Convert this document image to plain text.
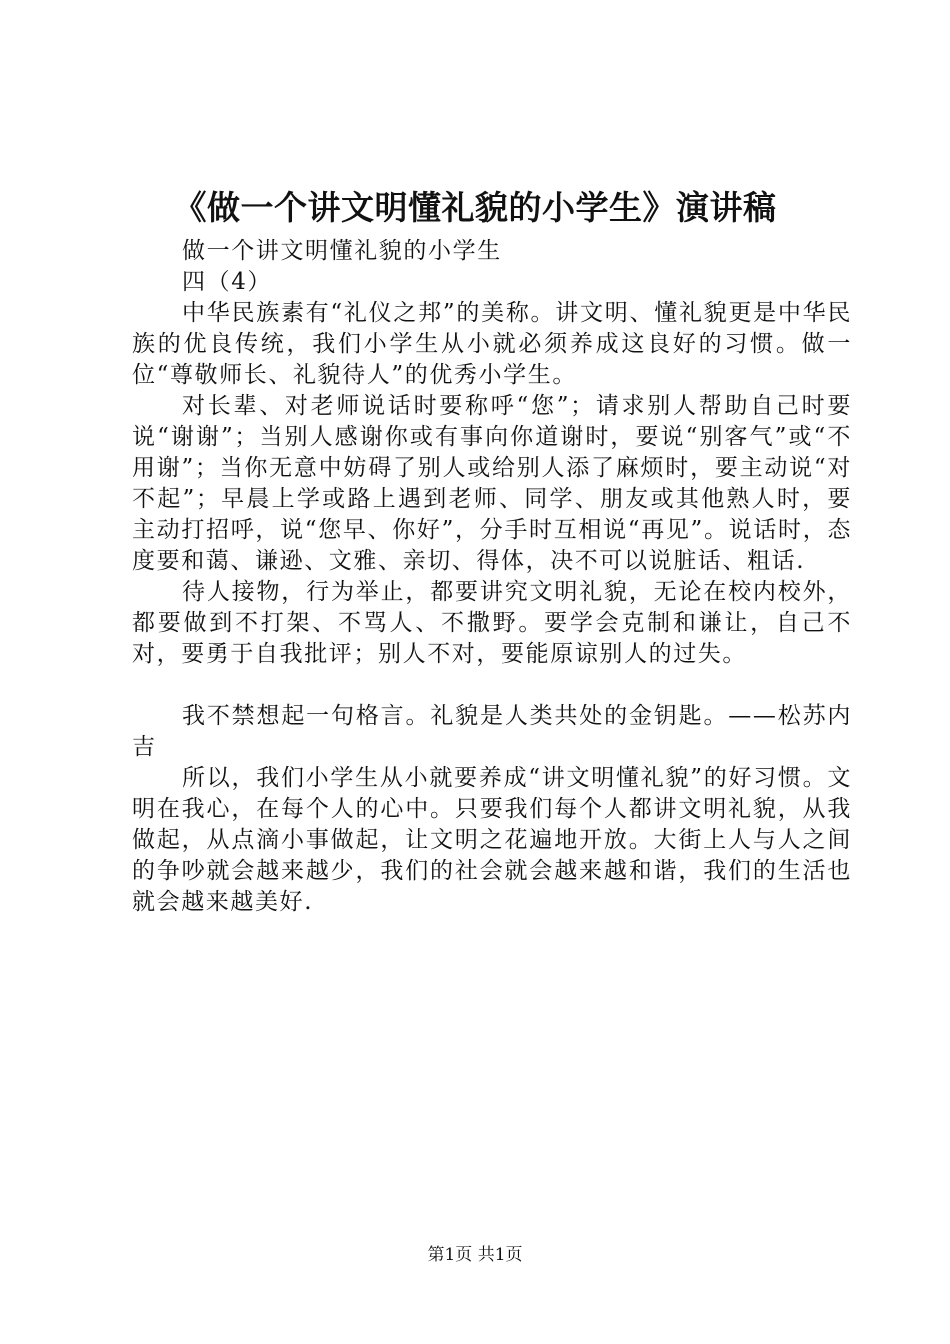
《做一个讲文明懂礼貌的小学生》演讲稿

做一个讲文明懂礼貌的小学生

四（4）

中华民族素有“礼仪之邦”的美称。讲文明、懂礼貌更是中华民族的优良传统，我们小学生从小就必须养成这良好的习惯。做一位“尊敬师长、礼貌待人”的优秀小学生。

对长辈、对老师说话时要称呼“您”；请求别人帮助自己时要说“谢谢”；当别人感谢你或有事向你道谢时，要说“别客气”或“不用谢”；当你无意中妨碍了别人或给别人添了麻烦时，要主动说“对不起”；早晨上学或路上遇到老师、同学、朋友或其他熟人时，要主动打招呼，说“您早、你好”，分手时互相说“再见”。说话时，态度要和蔼、谦逊、文雅、亲切、得体，决不可以说脏话、粗话.

待人接物，行为举止，都要讲究文明礼貌，无论在校内校外，都要做到不打架、不骂人、不撒野。要学会克制和谦让，自己不对，要勇于自我批评；别人不对，要能原谅别人的过失。

我不禁想起一句格言。礼貌是人类共处的金钥匙。——松苏内吉

所以，我们小学生从小就要养成“讲文明懂礼貌”的好习惯。文明在我心，在每个人的心中。只要我们每个人都讲文明礼貌，从我做起，从点滴小事做起，让文明之花遍地开放。大街上人与人之间的争吵就会越来越少，我们的社会就会越来越和谐，我们的生活也就会越来越美好.

第1页 共1页
